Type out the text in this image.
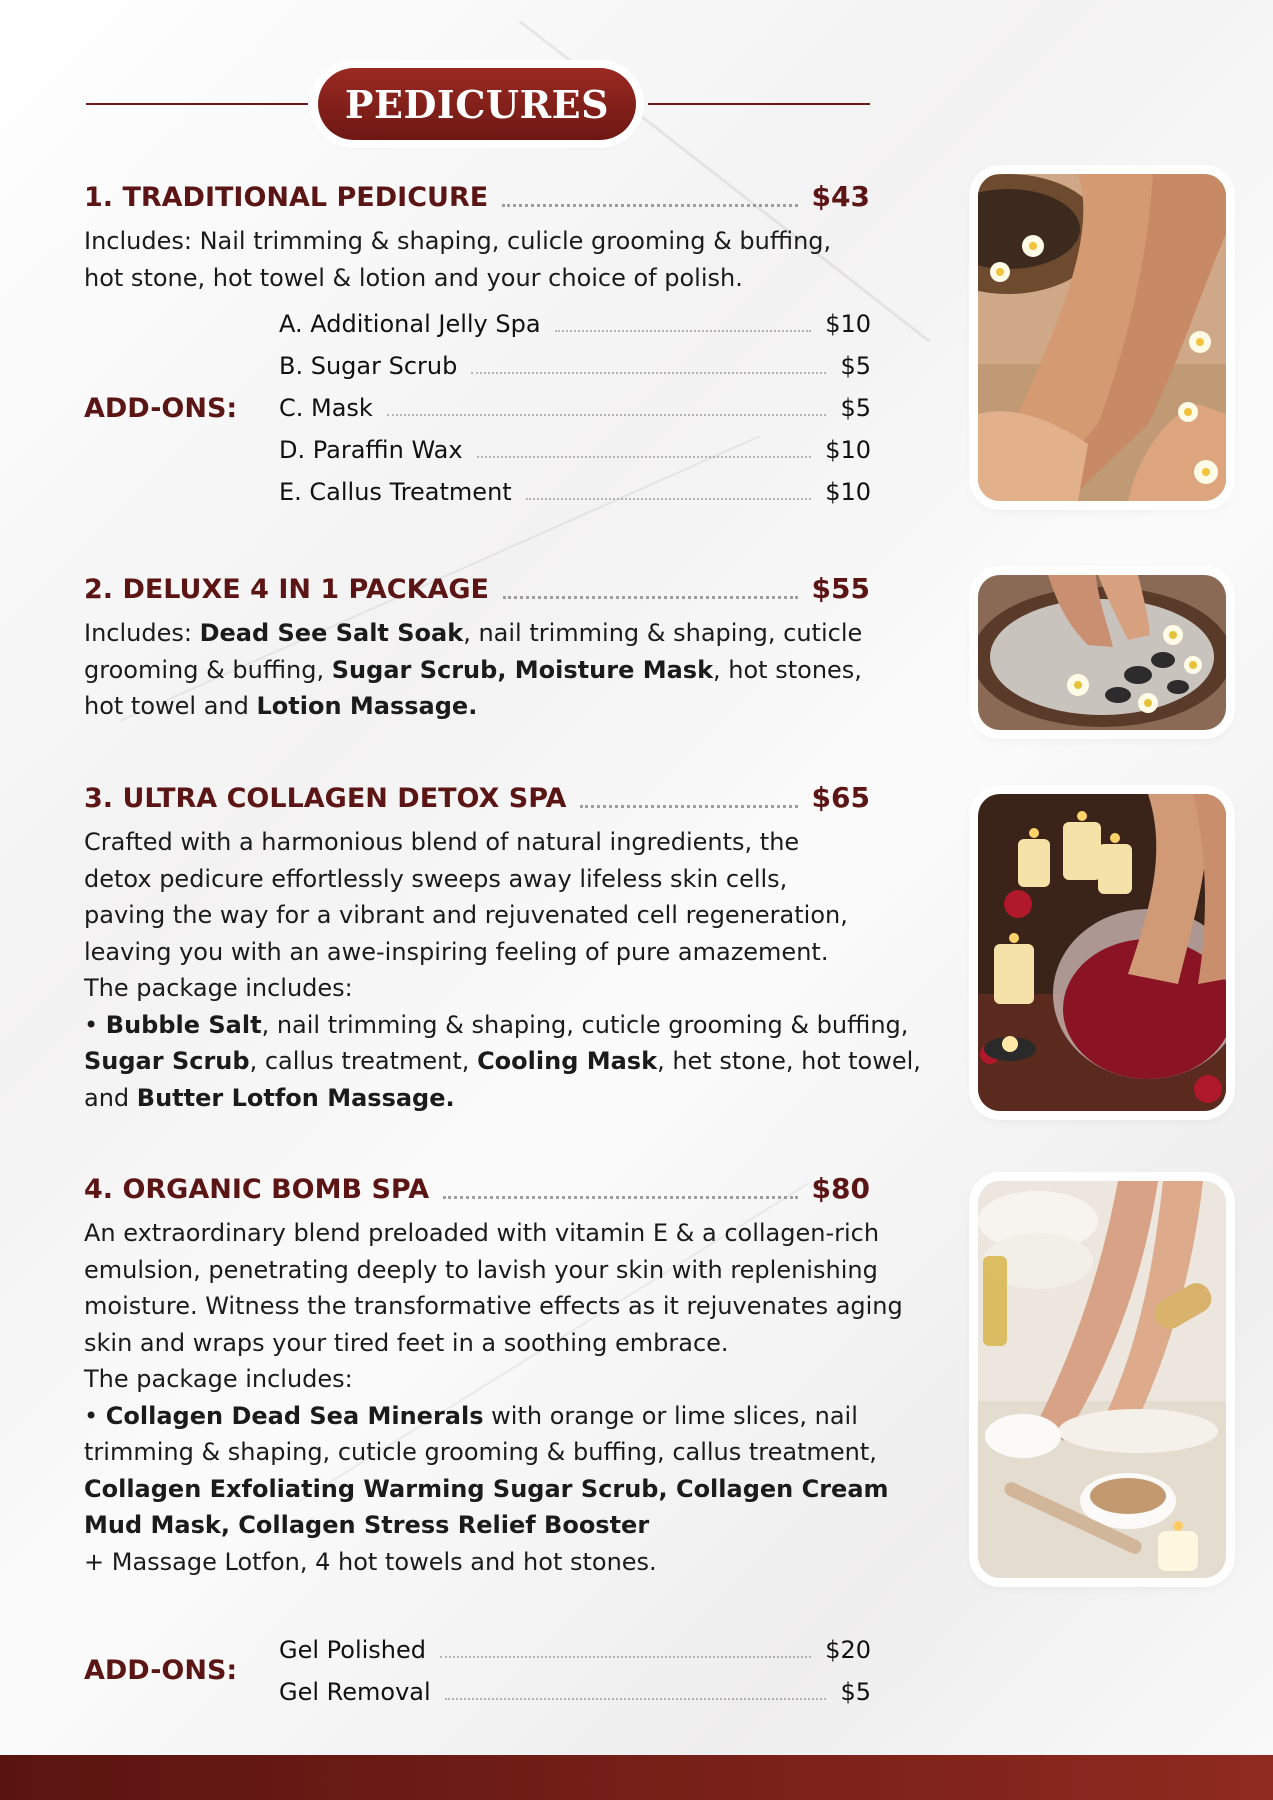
PEDICURES
1. TRADITIONAL PEDICURE	$43
Includes: Nail trimming & shaping, culicle grooming & buffing,
hot stone, hot towel & lotion and your choice of polish.
ADD-ONS:
A. Additional Jelly Spa	$10
B. Sugar Scrub	$5
C. Mask	$5
D. Paraffin Wax	$10
E. Callus Treatment	$10
2. DELUXE 4 IN 1 PACKAGE	$55
Includes: Dead See Salt Soak, nail trimming & shaping, cuticle grooming & buffing, Sugar Scrub, Moisture Mask, hot stones, hot towel and Lotion Massage.
3. ULTRA COLLAGEN DETOX SPA	$65
Crafted with a harmonious blend of natural ingredients, the
detox pedicure effortlessly sweeps away lifeless skin cells,
paving the way for a vibrant and rejuvenated cell regeneration,
leaving you with an awe-inspiring feeling of pure amazement.
The package includes:
• Bubble Salt, nail trimming & shaping, cuticle grooming & buffing, Sugar Scrub, callus treatment, Cooling Mask, het stone, hot towel, and Butter Lotfon Massage.
4. ORGANIC BOMB SPA	$80
An extraordinary blend preloaded with vitamin E & a collagen-rich
emulsion, penetrating deeply to lavish your skin with replenishing
moisture. Witness the transformative effects as it rejuvenates aging
skin and wraps your tired feet in a soothing embrace.
The package includes:
• Collagen Dead Sea Minerals with orange or lime slices, nail trimming & shaping, cuticle grooming & buffing, callus treatment, Collagen Exfoliating Warming Sugar Scrub, Collagen Cream Mud Mask, Collagen Stress Relief Booster
+ Massage Lotfon, 4 hot towels and hot stones.
ADD-ONS:
Gel Polished	$20
Gel Removal	$5
